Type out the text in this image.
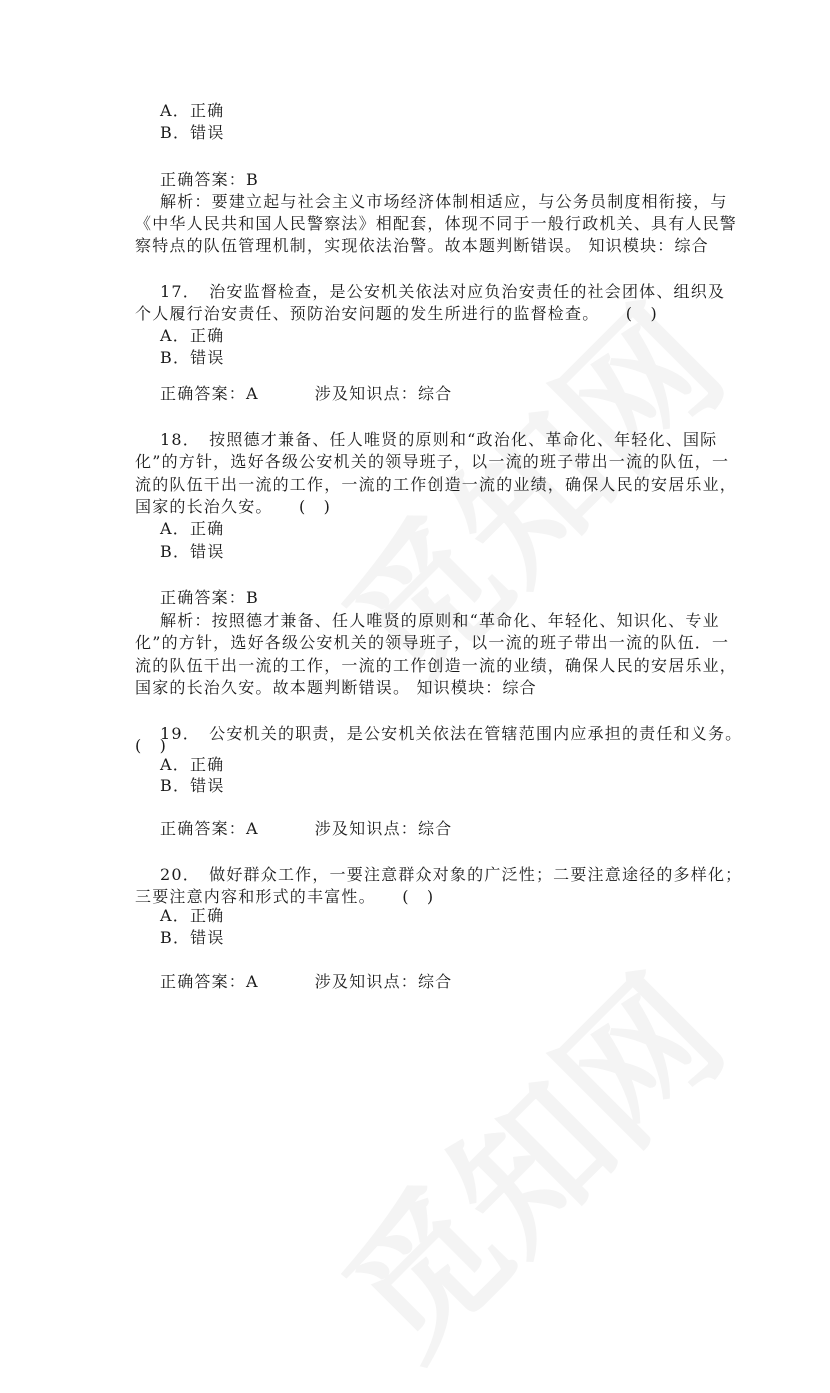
A．正确
B．错误
正确答案：B
解析：要建立起与社会主义市场经济体制相适应，与公务员制度相衔接，与
《中华人民共和国人民警察法》相配套，体现不同于一般行政机关、具有人民警
察特点的队伍管理机制，实现依法治警。故本题判断错误。 知识模块：综合
17．　治安监督检查，是公安机关依法对应负治安责任的社会团体、组织及
个人履行治安责任、预防治安问题的发生所进行的监督检查。　　(　)
A．正确
B．错误
正确答案：A	涉及知识点：综合
18．　按照德才兼备、任人唯贤的原则和“政治化、革命化、年轻化、国际
化”的方针，选好各级公安机关的领导班子，以一流的班子带出一流的队伍，一
流的队伍干出一流的工作，一流的工作创造一流的业绩，确保人民的安居乐业，
国家的长治久安。　　(　)
A．正确
B．错误
正确答案：B
解析：按照德才兼备、任人唯贤的原则和“革命化、年轻化、知识化、专业
化”的方针，选好各级公安机关的领导班子，以一流的班子带出一流的队伍．一
流的队伍干出一流的工作，一流的工作创造一流的业绩，确保人民的安居乐业，
国家的长治久安。故本题判断错误。 知识模块：综合
19．　公安机关的职责，是公安机关依法在管辖范围内应承担的责任和义务。
(　)
A．正确
B．错误
正确答案：A	涉及知识点：综合
20．　做好群众工作，一要注意群众对象的广泛性；二要注意途径的多样化；
三要注意内容和形式的丰富性。　　(　)
A．正确
B．错误
正确答案：A	涉及知识点：综合
